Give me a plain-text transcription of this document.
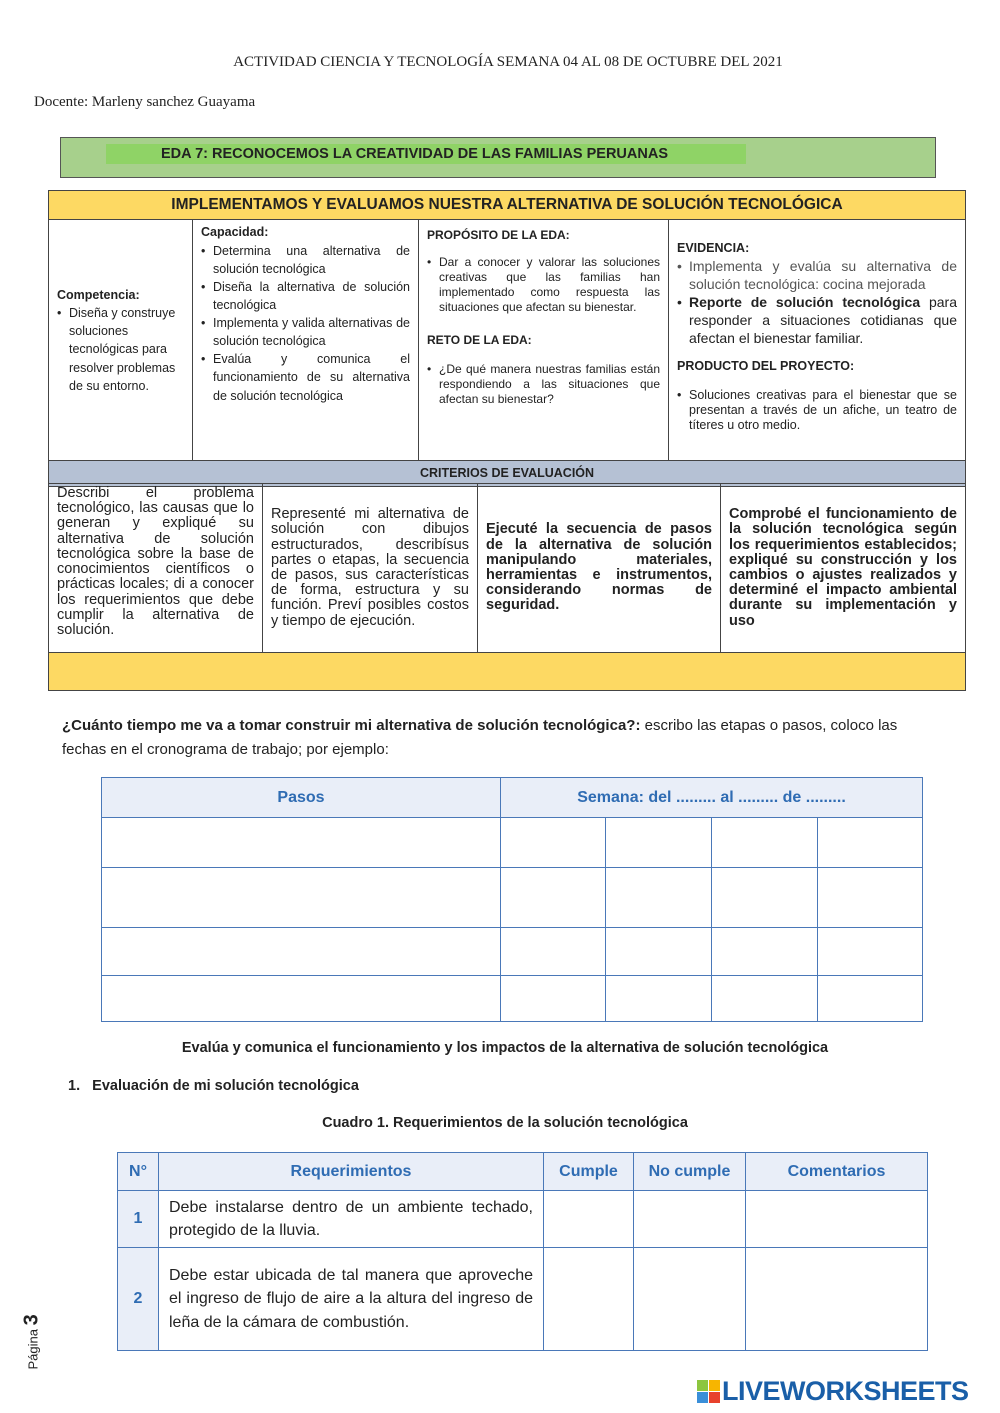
ACTIVIDAD CIENCIA Y TECNOLOGÍA SEMANA 04 AL 08 DE OCTUBRE DEL 2021
Docente: Marleny sanchez Guayama
EDA 7: RECONOCEMOS LA CREATIVIDAD DE LAS FAMILIAS PERUANAS
IMPLEMENTAMOS Y EVALUAMOS NUESTRA ALTERNATIVA DE SOLUCIÓN TECNOLÓGICA
Competencia:
• Diseña y construye soluciones tecnológicas para resolver problemas de su entorno.
	Capacidad:
• Determina una alternativa de solución tecnológica
• Diseña la alternativa de solución tecnológica
• Implementa y valida alternativas de solución tecnológica
• Evalúa y comunica el funcionamiento de su alternativa de solución tecnológica
	PROPÓSITO DE LA EDA:
• Dar a conocer y valorar las soluciones creativas que las familias han implementado como respuesta las situaciones que afectan su bienestar.
RETO DE LA EDA:
• ¿De qué manera nuestras familias están respondiendo a las situaciones que afectan su bienestar?
	EVIDENCIA:
• Implementa y evalúa su alternativa de solución tecnológica: cocina mejorada
• Reporte de solución tecnológica para responder a situaciones cotidianas que afectan el bienestar familiar.
PRODUCTO DEL PROYECTO:
• Soluciones creativas para el bienestar que se presentan a través de un afiche, un teatro de títeres u otro medio.

CRITERIOS DE EVALUACIÓN
Describi el problema tecnológico, las causas que lo generan y expliqué su alternativa de solución tecnológica sobre la base de conocimientos científicos o prácticas locales; di a conocer los requerimientos que debe cumplir la alternativa de solución.	Representé mi alternativa de solución con dibujos estructurados, describísus partes o etapas, la secuencia de pasos, sus características de forma, estructura y su función. Preví posibles costos y tiempo de ejecución.	Ejecuté la secuencia de pasos de la alternativa de solución manipulando materiales, herramientas e instrumentos, considerando normas de seguridad.	Comprobé el funcionamiento de la solución tecnológica según los requerimientos establecidos; expliqué su construcción y los cambios o ajustes realizados y determiné el impacto ambiental durante su implementación y uso

¿Cuánto tiempo me va a tomar construir mi alternativa de solución tecnológica?: escribo las etapas o pasos, coloco las fechas en el cronograma de trabajo; por ejemplo:
Pasos	Semana: del ......... al ......... de .........			

Evalúa y comunica el funcionamiento y los impactos de la alternativa de solución tecnológica
1.   Evaluación de mi solución tecnológica
Cuadro 1. Requerimientos de la solución tecnológica
N°	Requerimientos	Cumple	No cumple	Comentarios
1	Debe instalarse dentro de un ambiente techado, protegido de la lluvia.			
2	Debe estar ubicada de tal manera que aproveche el ingreso de flujo de aire a la altura del ingreso de leña de la cámara de combustión.			
Página 3
LIVEWORKSHEETS
